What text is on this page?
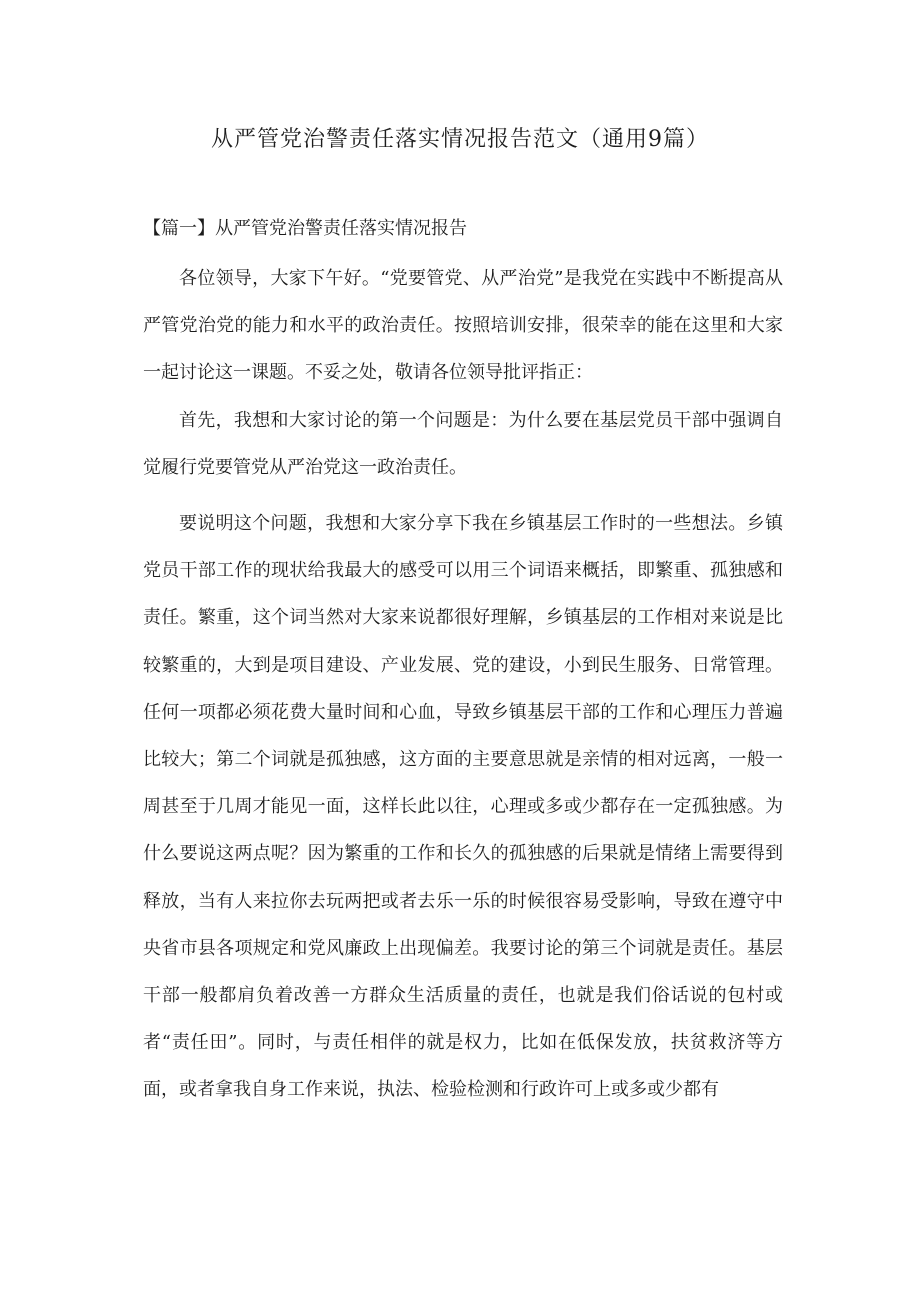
从严管党治警责任落实情况报告范文（通用9篇）
【篇一】从严管党治警责任落实情况报告

各位领导，大家下午好。“党要管党、从严治党”是我党在实践中不断提高从严管党治党的能力和水平的政治责任。按照培训安排，很荣幸的能在这里和大家一起讨论这一课题。不妥之处，敬请各位领导批评指正：

首先，我想和大家讨论的第一个问题是：为什么要在基层党员干部中强调自觉履行党要管党从严治党这一政治责任。

要说明这个问题，我想和大家分享下我在乡镇基层工作时的一些想法。乡镇党员干部工作的现状给我最大的感受可以用三个词语来概括，即繁重、孤独感和责任。繁重，这个词当然对大家来说都很好理解，乡镇基层的工作相对来说是比较繁重的，大到是项目建设、产业发展、党的建设，小到民生服务、日常管理。任何一项都必须花费大量时间和心血，导致乡镇基层干部的工作和心理压力普遍比较大；第二个词就是孤独感，这方面的主要意思就是亲情的相对远离，一般一周甚至于几周才能见一面，这样长此以往，心理或多或少都存在一定孤独感。为什么要说这两点呢？因为繁重的工作和长久的孤独感的后果就是情绪上需要得到释放，当有人来拉你去玩两把或者去乐一乐的时候很容易受影响，导致在遵守中央省市县各项规定和党风廉政上出现偏差。我要讨论的第三个词就是责任。基层干部一般都肩负着改善一方群众生活质量的责任，也就是我们俗话说的包村或者“责任田”。同时，与责任相伴的就是权力，比如在低保发放，扶贫救济等方面，或者拿我自身工作来说，执法、检验检测和行政许可上或多或少都有
